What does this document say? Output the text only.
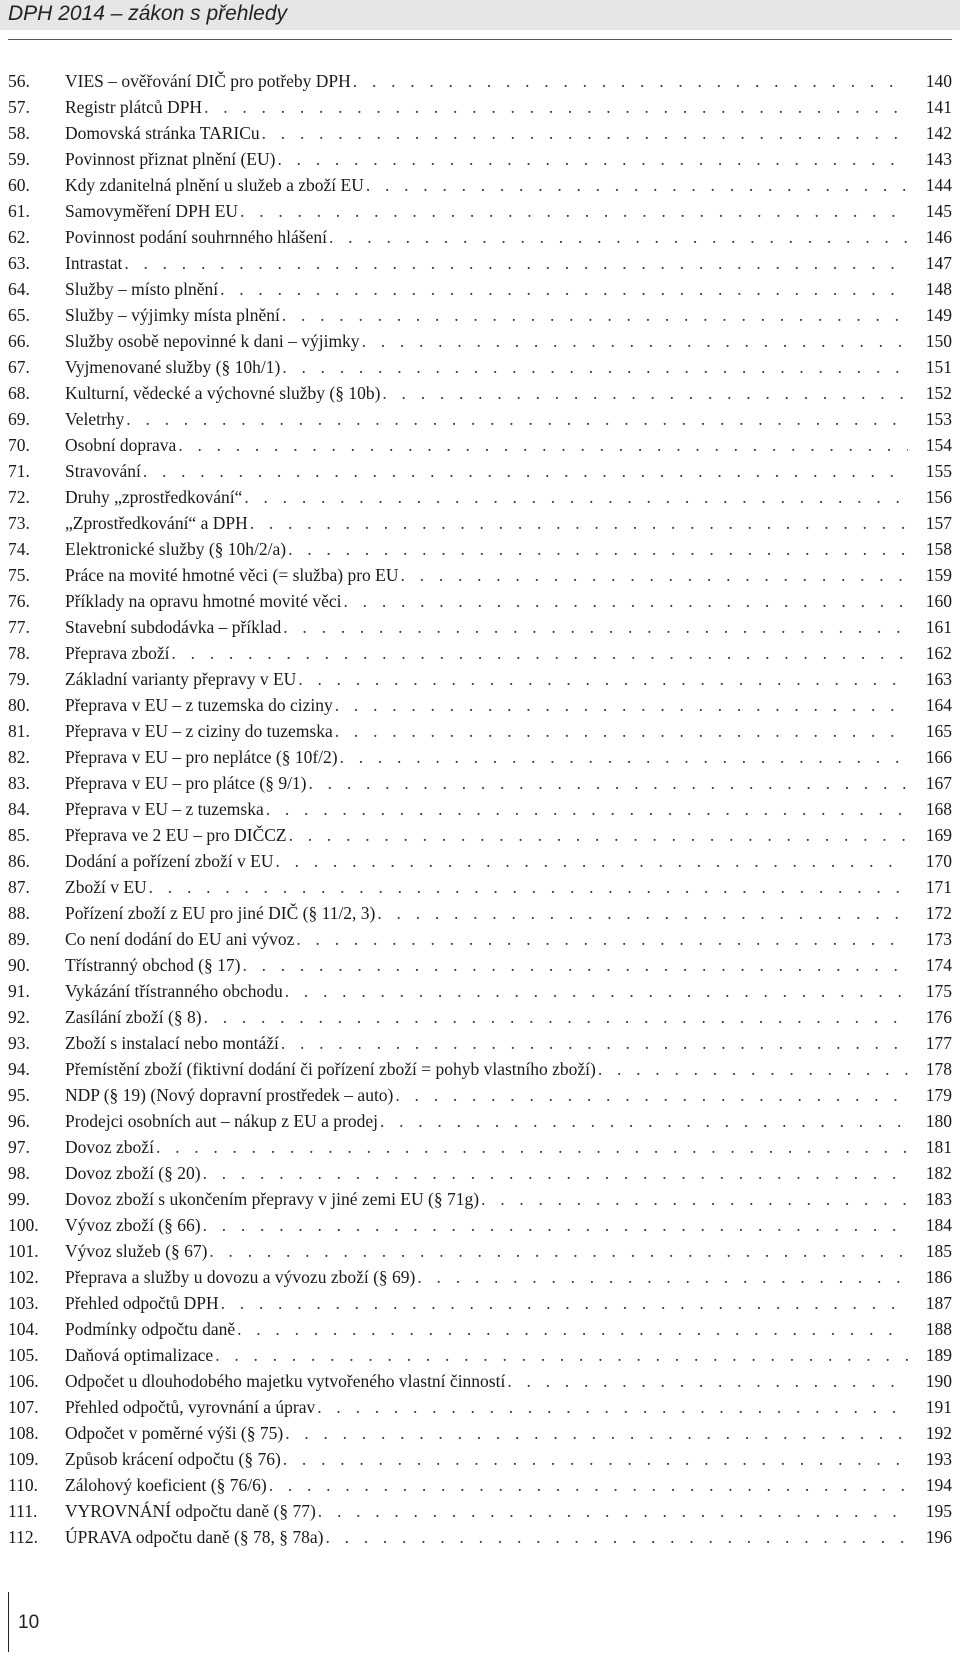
DPH 2014 – zákon s přehledy
56.	VIES – ověřování DIČ pro potřeby DPH . . .	140
57.	Registr plátců DPH . . .	141
58.	Domovská stránka TARICu . . .	142
59.	Povinnost přiznat plnění (EU) . . .	143
60.	Kdy zdanitelná plnění u služeb a zboží EU . . .	144
61.	Samovyměření DPH EU . . .	145
62.	Povinnost podání souhrnného hlášení . . .	146
63.	Intrastat . . .	147
64.	Služby – místo plnění . . .	148
65.	Služby – výjimky místa plnění . . .	149
66.	Služby osobě nepovinné k dani – výjimky . . .	150
67.	Vyjmenované služby (§ 10h/1) . . .	151
68.	Kulturní, vědecké a výchovné služby (§ 10b) . . .	152
69.	Veletrhy . . .	153
70.	Osobní doprava . . .	154
71.	Stravování . . .	155
72.	Druhy „zprostředkování“ . . .	156
73.	„Zprostředkování“ a DPH . . .	157
74.	Elektronické služby (§ 10h/2/a) . . .	158
75.	Práce na movité hmotné věci (= služba) pro EU . . .	159
76.	Příklady na opravu hmotné movité věci . . .	160
77.	Stavební subdodávka – příklad . . .	161
78.	Přeprava zboží . . .	162
79.	Základní varianty přepravy v EU . . .	163
80.	Přeprava v EU – z tuzemska do ciziny . . .	164
81.	Přeprava v EU – z ciziny do tuzemska . . .	165
82.	Přeprava v EU – pro neplátce (§ 10f/2) . . .	166
83.	Přeprava v EU – pro plátce (§ 9/1) . . .	167
84.	Přeprava v EU – z tuzemska . . .	168
85.	Přeprava ve 2 EU – pro DIČCZ . . .	169
86.	Dodání a pořízení zboží v EU . . .	170
87.	Zboží v EU . . .	171
88.	Pořízení zboží z EU pro jiné DIČ (§ 11/2, 3) . . .	172
89.	Co není dodání do EU ani vývoz . . .	173
90.	Třístranný obchod (§ 17) . . .	174
91.	Vykázání třístranného obchodu . . .	175
92.	Zasílání zboží (§ 8) . . .	176
93.	Zboží s instalací nebo montáží . . .	177
94.	Přemístění zboží (fiktivní dodání či pořízení zboží = pohyb vlastního zboží) . . .	178
95.	NDP (§ 19) (Nový dopravní prostředek – auto) . . .	179
96.	Prodejci osobních aut – nákup z EU a prodej . . .	180
97.	Dovoz zboží . . .	181
98.	Dovoz zboží (§ 20) . . .	182
99.	Dovoz zboží s ukončením přepravy v jiné zemi EU (§ 71g) . . .	183
100.	Vývoz zboží (§ 66) . . .	184
101.	Vývoz služeb (§ 67) . . .	185
102.	Přeprava a služby u dovozu a vývozu zboží (§ 69) . . .	186
103.	Přehled odpočtů DPH . . .	187
104.	Podmínky odpočtu daně . . .	188
105.	Daňová optimalizace . . .	189
106.	Odpočet u dlouhodobého majetku vytvořeného vlastní činností . . .	190
107.	Přehled odpočtů, vyrovnání a úprav . . .	191
108.	Odpočet v poměrné výši (§ 75) . . .	192
109.	Způsob krácení odpočtu (§ 76) . . .	193
110.	Zálohový koeficient (§ 76/6) . . .	194
111.	VYROVNÁNÍ odpočtu daně (§ 77) . . .	195
112.	ÚPRAVA odpočtu daně (§ 78, § 78a) . . .	196
10
